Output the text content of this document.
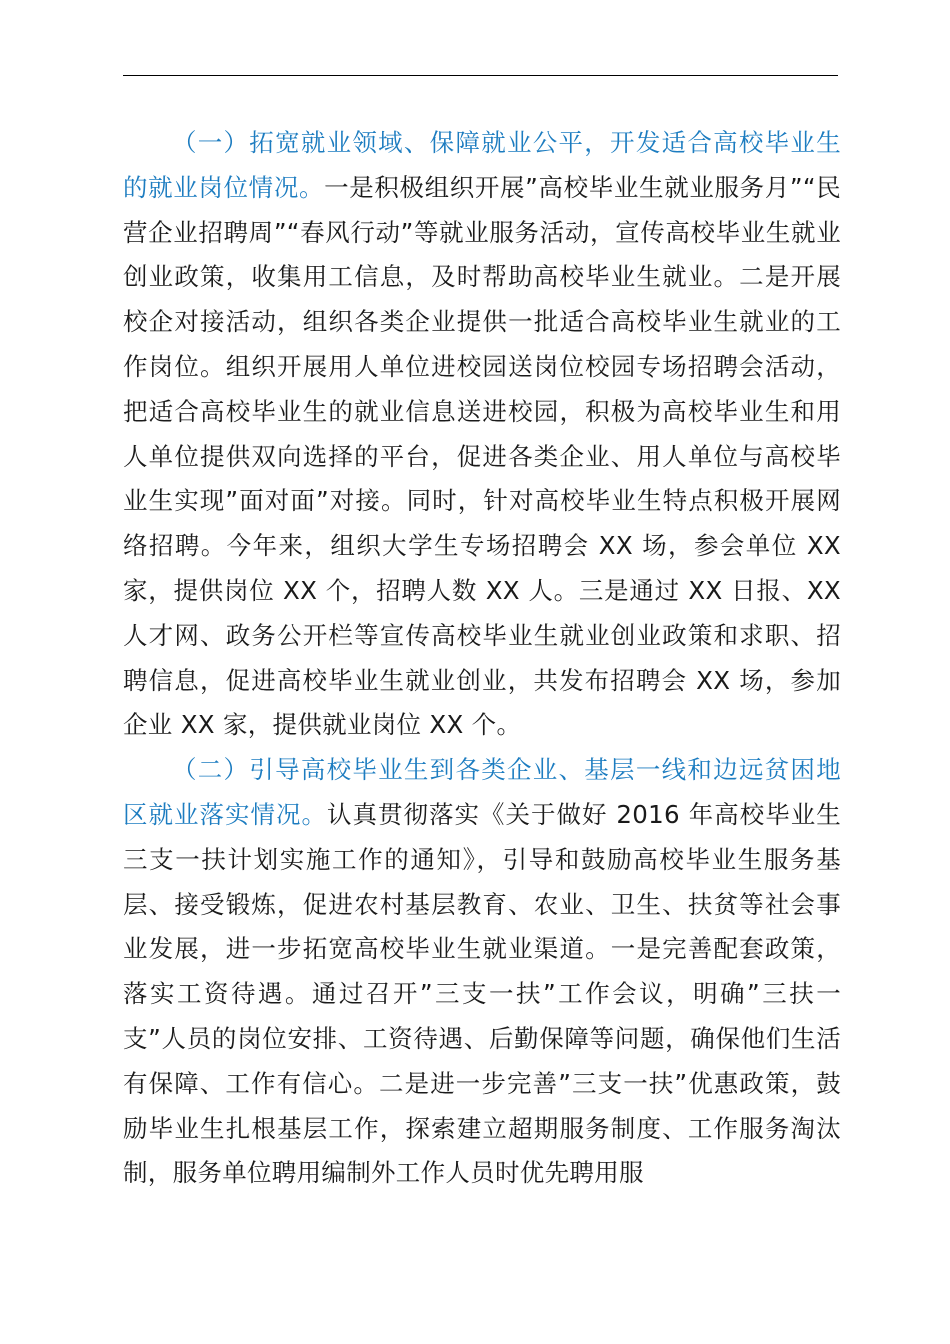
（一）拓宽就业领域、保障就业公平，开发适合高校毕业生的就业岗位情况。一是积极组织开展”高校毕业生就业服务月”“民营企业招聘周”“春风行动”等就业服务活动，宣传高校毕业生就业创业政策，收集用工信息，及时帮助高校毕业生就业。二是开展校企对接活动，组织各类企业提供一批适合高校毕业生就业的工作岗位。组织开展用人单位进校园送岗位校园专场招聘会活动，把适合高校毕业生的就业信息送进校园，积极为高校毕业生和用人单位提供双向选择的平台，促进各类企业、用人单位与高校毕业生实现”面对面”对接。同时，针对高校毕业生特点积极开展网络招聘。今年来，组织大学生专场招聘会 XX 场，参会单位 XX 家，提供岗位 XX 个，招聘人数 XX 人。三是通过 XX 日报、XX 人才网、政务公开栏等宣传高校毕业生就业创业政策和求职、招聘信息，促进高校毕业生就业创业，共发布招聘会 XX 场，参加企业 XX 家，提供就业岗位 XX 个。

（二）引导高校毕业生到各类企业、基层一线和边远贫困地区就业落实情况。认真贯彻落实《关于做好 2016 年高校毕业生三支一扶计划实施工作的通知》，引导和鼓励高校毕业生服务基层、接受锻炼，促进农村基层教育、农业、卫生、扶贫等社会事业发展，进一步拓宽高校毕业生就业渠道。一是完善配套政策，落实工资待遇。通过召开”三支一扶”工作会议，明确”三扶一支”人员的岗位安排、工资待遇、后勤保障等问题，确保他们生活有保障、工作有信心。二是进一步完善”三支一扶”优惠政策，鼓励毕业生扎根基层工作，探索建立超期服务制度、工作服务淘汰制，服务单位聘用编制外工作人员时优先聘用服
